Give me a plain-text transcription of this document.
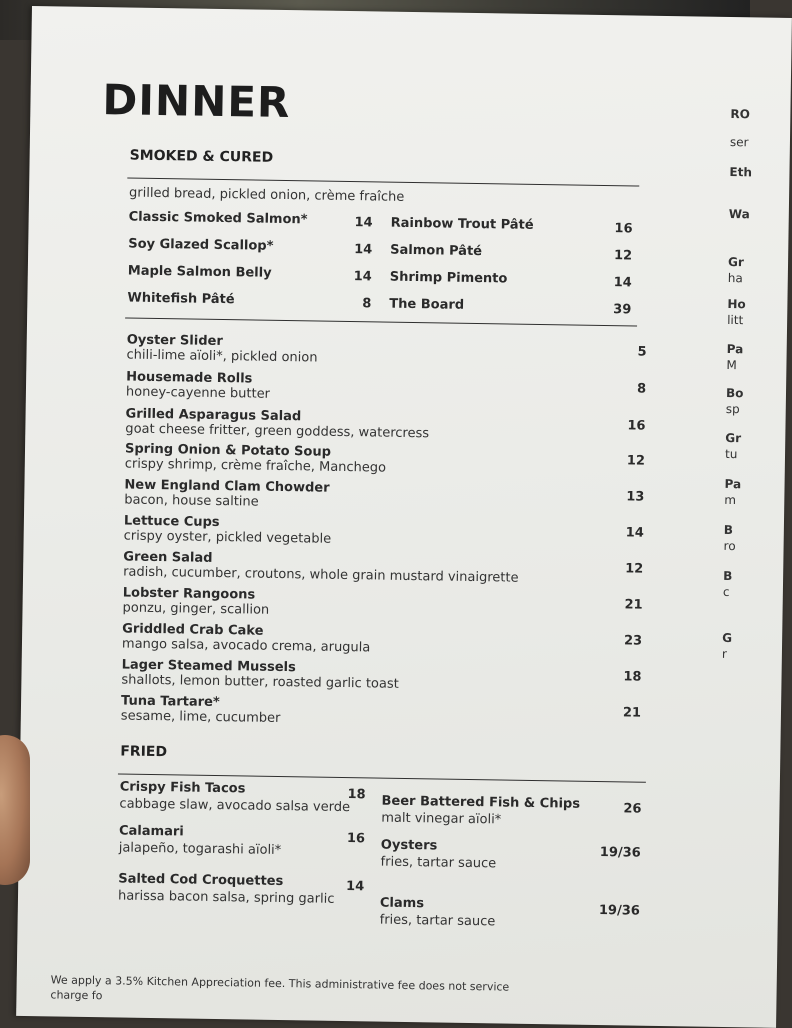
DINNER
SMOKED & CURED
grilled bread, pickled onion, crème fraîche
Classic Smoked Salmon*	14 Rainbow Trout Pâté	16
Soy Glazed Scallop*	14 Salmon Pâté	12
Maple Salmon Belly	14 Shrimp Pimento	14
Whitefish Pâté	8 The Board	39
Oyster Slider
chili-lime aïoli*, pickled onion	5
Housemade Rolls
honey-cayenne butter	8
Grilled Asparagus Salad
goat cheese fritter, green goddess, watercress	16
Spring Onion & Potato Soup
crispy shrimp, crème fraîche, Manchego	12
New England Clam Chowder
bacon, house saltine	13
Lettuce Cups
crispy oyster, pickled vegetable	14
Green Salad
radish, cucumber, croutons, whole grain mustard vinaigrette	12
Lobster Rangoons
ponzu, ginger, scallion	21
Griddled Crab Cake
mango salsa, avocado crema, arugula	23
Lager Steamed Mussels
shallots, lemon butter, roasted garlic toast	18
Tuna Tartare*
sesame, lime, cucumber	21
FRIED
Crispy Fish Tacos
cabbage slaw, avocado salsa verde
18
Calamari
jalapeño, togarashi aïoli*
16
Salted Cod Croquettes
harissa bacon salsa, spring garlic
14
Beer Battered Fish & Chips
malt vinegar aïoli*
26
Oysters
fries, tartar sauce
19/36
Clams
fries, tartar sauce
19/36
We apply a 3.5% Kitchen Appreciation fee. This administrative fee does not service charge fo
RO
ser
Eth
Wa
Gr
ha
Ho
litt
Pa
M
Bo
sp
Gr
tu
Pa
m
B
ro
B
c
G
r
